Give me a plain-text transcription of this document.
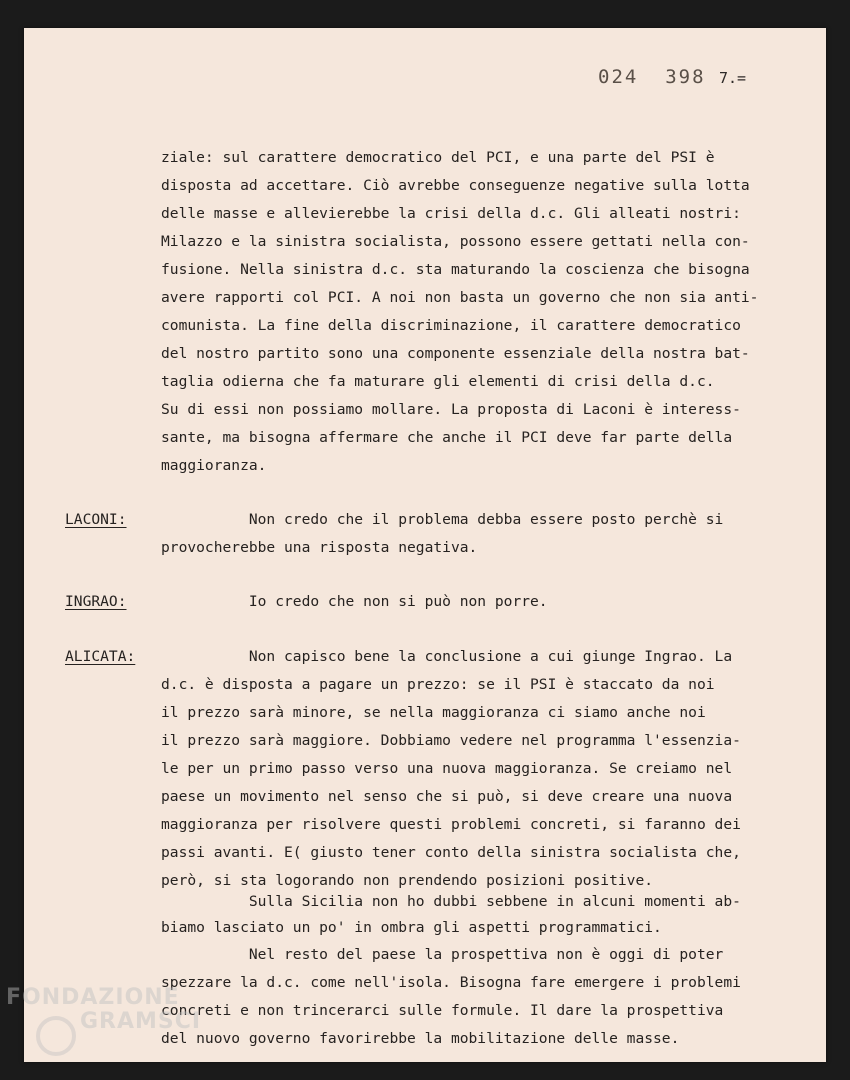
024  398 7.=
ziale: sul carattere democratico del PCI, e una parte del PSI è
disposta ad accettare. Ciò avrebbe conseguenze negative sulla lotta
delle masse e allevierebbe la crisi della d.c. Gli alleati nostri:
Milazzo e la sinistra socialista, possono essere gettati nella con-
fusione. Nella sinistra d.c. sta maturando la coscienza che bisogna
avere rapporti col PCI. A noi non basta un governo che non sia anti-
comunista. La fine della discriminazione, il carattere democratico
del nostro partito sono una componente essenziale della nostra bat-
taglia odierna che fa maturare gli elementi di crisi della d.c.
Su di essi non possiamo mollare. La proposta di Laconi è interess-
sante, ma bisogna affermare che anche il PCI deve far parte della
maggioranza.
LACONI: Non credo che il problema debba essere posto perchè si
provocherebbe una risposta negativa.
INGRAO: Io credo che non si può non porre.
ALICATA: Non capisco bene la conclusione a cui giunge Ingrao. La
d.c. è disposta a pagare un prezzo: se il PSI è staccato da noi
il prezzo sarà minore, se nella maggioranza ci siamo anche noi
il prezzo sarà maggiore. Dobbiamo vedere nel programma l'essenzia-
le per un primo passo verso una nuova maggioranza. Se creiamo nel
paese un movimento nel senso che si può, si deve creare una nuova
maggioranza per risolvere questi problemi concreti, si faranno dei
passi avanti. E( giusto tener conto della sinistra socialista che,
però, si sta logorando non prendendo posizioni positive.
Sulla Sicilia non ho dubbi sebbene in alcuni momenti ab-
biamo lasciato un po' in ombra gli aspetti programmatici.
Nel resto del paese la prospettiva non è oggi di poter
spezzare la d.c. come nell'isola. Bisogna fare emergere i problemi
concreti e non trincerarci sulle formule. Il dare la prospettiva
del nuovo governo favorirebbe la mobilitazione delle masse.
FONDAZIONE
GRAMSCI
